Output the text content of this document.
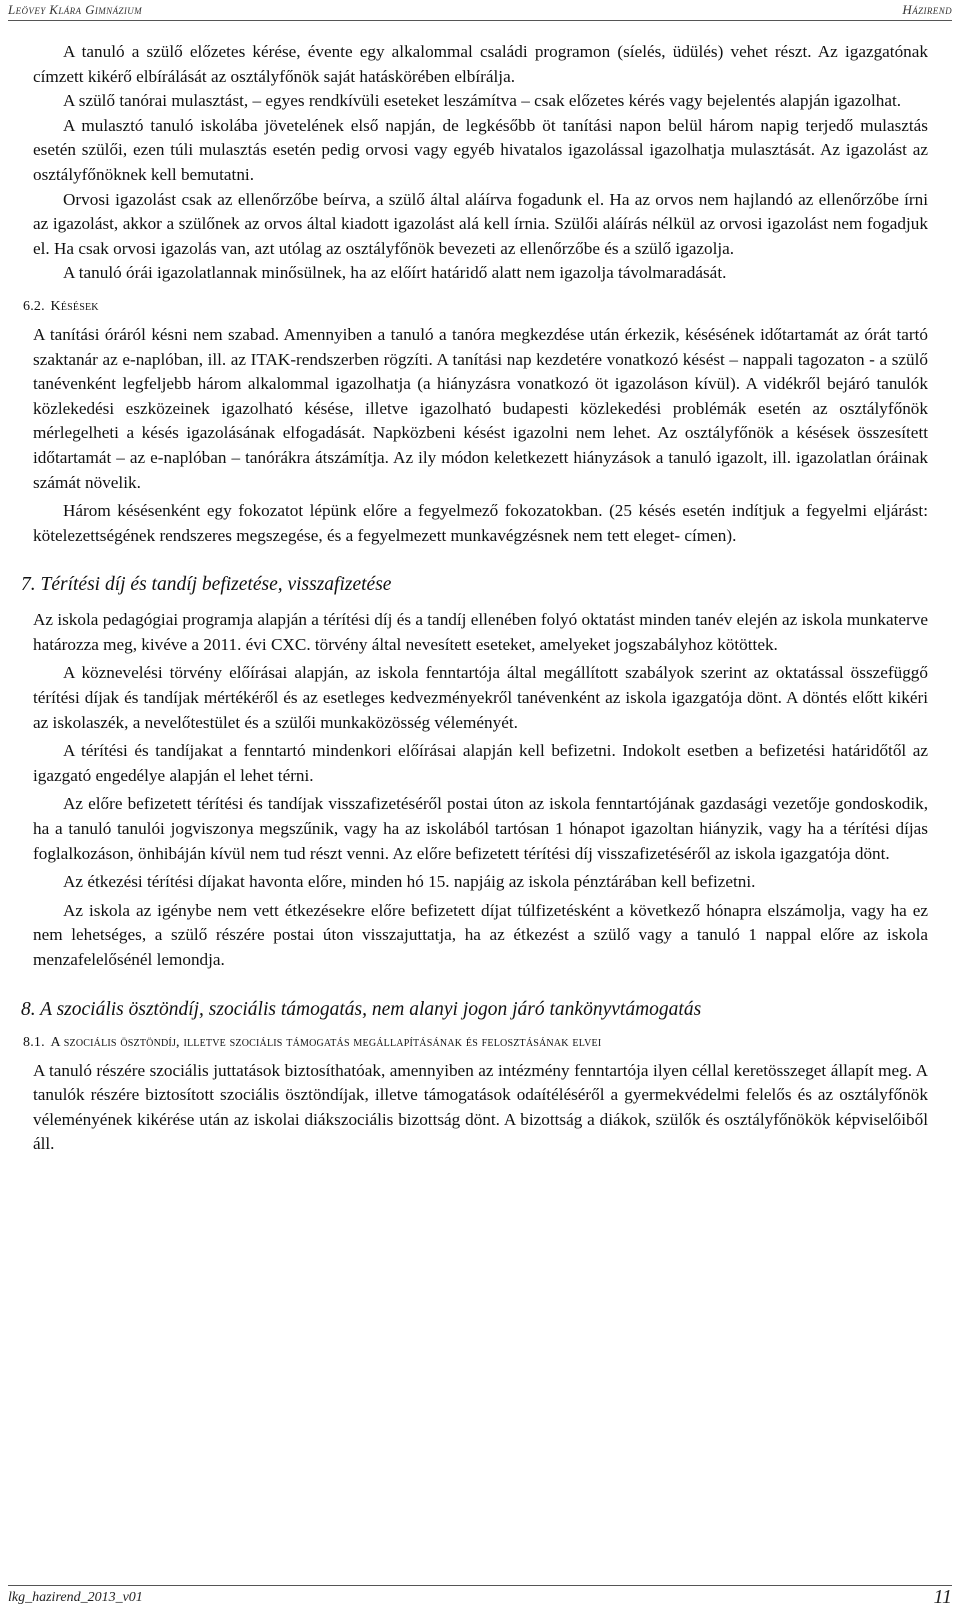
Leövey Klára Gimnázium	Házirend

A tanuló a szülő előzetes kérése, évente egy alkalommal családi programon (síelés, üdülés) vehet részt. Az igazgatónak címzett kikérő elbírálását az osztályfőnök saját hatáskörében elbírálja.

A szülő tanórai mulasztást, – egyes rendkívüli eseteket leszámítva – csak előzetes kérés vagy bejelentés alapján igazolhat.

A mulasztó tanuló iskolába jövetelének első napján, de legkésőbb öt tanítási napon belül három napig terjedő mulasztás esetén szülői, ezen túli mulasztás esetén pedig orvosi vagy egyéb hivatalos igazolással igazolhatja mulasztását. Az igazolást az osztályfőnöknek kell bemutatni.

Orvosi igazolást csak az ellenőrzőbe beírva, a szülő által aláírva fogadunk el. Ha az orvos nem hajlandó az ellenőrzőbe írni az igazolást, akkor a szülőnek az orvos által kiadott igazolást alá kell írnia. Szülői aláírás nélkül az orvosi igazolást nem fogadjuk el. Ha csak orvosi igazolás van, azt utólag az osztályfőnök bevezeti az ellenőrzőbe és a szülő igazolja.

A tanuló órái igazolatlannak minősülnek, ha az előírt határidő alatt nem igazolja távolmaradását.

6.2. Késések

A tanítási óráról késni nem szabad. Amennyiben a tanuló a tanóra megkezdése után érkezik, késésének időtartamát az órát tartó szaktanár az e-naplóban, ill. az ITAK-rendszerben rögzíti. A tanítási nap kezdetére vonatkozó késést – nappali tagozaton - a szülő tanévenként legfeljebb három alkalommal igazolhatja (a hiányzásra vonatkozó öt igazoláson kívül). A vidékről bejáró tanulók közlekedési eszközeinek igazolható késése, illetve igazolható budapesti közlekedési problémák esetén az osztályfőnök mérlegelheti a késés igazolásának elfogadását. Napközbeni késést igazolni nem lehet. Az osztályfőnök a késések összesített időtartamát – az e-naplóban – tanórákra átszámítja. Az ily módon keletkezett hiányzások a tanuló igazolt, ill. igazolatlan óráinak számát növelik.

Három késésenként egy fokozatot lépünk előre a fegyelmező fokozatokban. (25 késés esetén indítjuk a fegyelmi eljárást: kötelezettségének rendszeres megszegése, és a fegyelmezett munkavégzésnek nem tett eleget- címen).

7. Térítési díj és tandíj befizetése, visszafizetése

Az iskola pedagógiai programja alapján a térítési díj és a tandíj ellenében folyó oktatást minden tanév elején az iskola munkaterve határozza meg, kivéve a 2011. évi CXC. törvény által nevesített eseteket, amelyeket jogszabályhoz kötöttek.

A köznevelési törvény előírásai alapján, az iskola fenntartója által megállított szabályok szerint az oktatással összefüggő térítési díjak és tandíjak mértékéről és az esetleges kedvezményekről tanévenként az iskola igazgatója dönt. A döntés előtt kikéri az iskolaszék, a nevelőtestület és a szülői munkaközösség véleményét.

A térítési és tandíjakat a fenntartó mindenkori előírásai alapján kell befizetni. Indokolt esetben a befizetési határidőtől az igazgató engedélye alapján el lehet térni.

Az előre befizetett térítési és tandíjak visszafizetéséről postai úton az iskola fenntartójának gazdasági vezetője gondoskodik, ha a tanuló tanulói jogviszonya megszűnik, vagy ha az iskolából tartósan 1 hónapot igazoltan hiányzik, vagy ha a térítési díjas foglalkozáson, önhibáján kívül nem tud részt venni. Az előre befizetett térítési díj visszafizetéséről az iskola igazgatója dönt.

Az étkezési térítési díjakat havonta előre, minden hó 15. napjáig az iskola pénztárában kell befizetni.

Az iskola az igénybe nem vett étkezésekre előre befizetett díjat túlfizetésként a következő hónapra elszámolja, vagy ha ez nem lehetséges, a szülő részére postai úton visszajuttatja, ha az étkezést a szülő vagy a tanuló 1 nappal előre az iskola menzafelelősénél lemondja.

8. A szociális ösztöndíj, szociális támogatás, nem alanyi jogon járó tankönyvtámogatás
8.1. A szociális ösztöndíj, illetve szociális támogatás megállapításának és felosztásának elvei

A tanuló részére szociális juttatások biztosíthatóak, amennyiben az intézmény fenntartója ilyen céllal keretösszeget állapít meg. A tanulók részére biztosított szociális ösztöndíjak, illetve támogatások odaítéléséről a gyermekvédelmi felelős és az osztályfőnök véleményének kikérése után az iskolai diákszociális bizottság dönt. A bizottság a diákok, szülők és osztályfőnökök képviselőiből áll.

lkg_hazirend_2013_v01	11
